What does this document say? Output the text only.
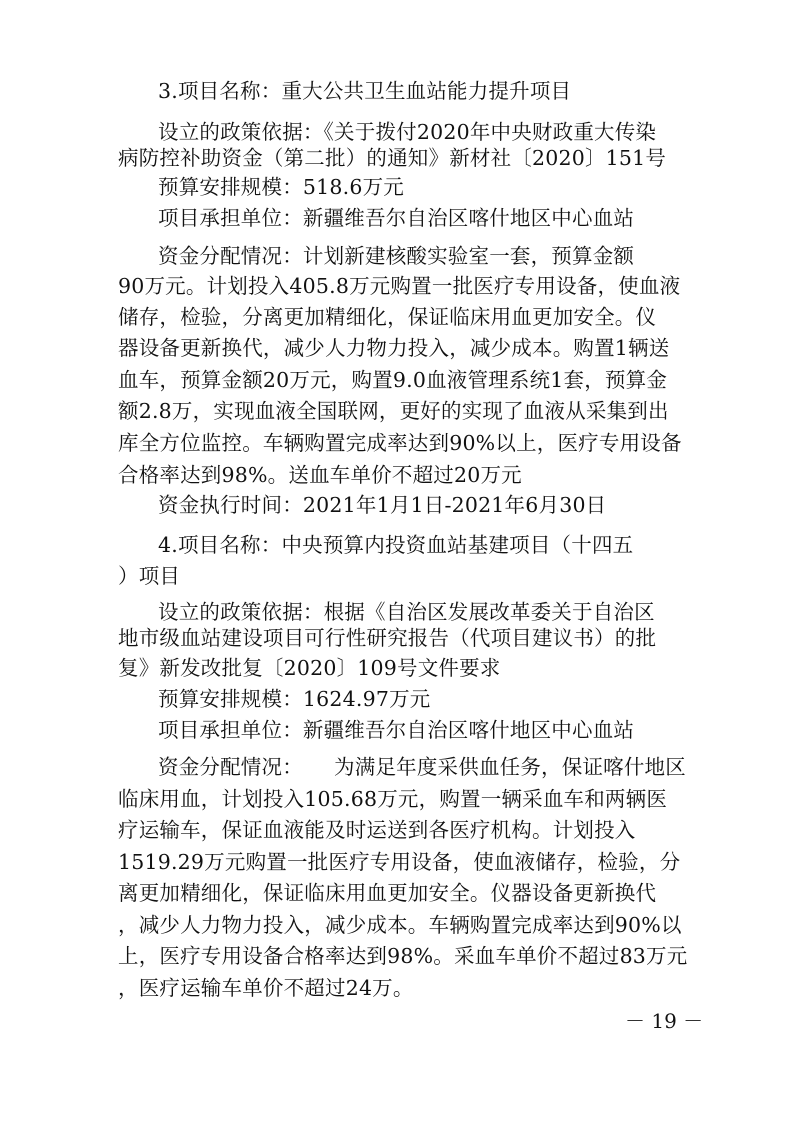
3.项目名称：重大公共卫生血站能力提升项目
设立的政策依据：《关于拨付2020年中央财政重大传染
病防控补助资金（第二批）的通知》新材社〔2020〕151号
预算安排规模：518.6万元
项目承担单位：新疆维吾尔自治区喀什地区中心血站
资金分配情况：计划新建核酸实验室一套，预算金额
90万元。计划投入405.8万元购置一批医疗专用设备，使血液
储存，检验，分离更加精细化，保证临床用血更加安全。仪
器设备更新换代，减少人力物力投入，减少成本。购置1辆送
血车，预算金额20万元，购置9.0血液管理系统1套，预算金
额2.8万，实现血液全国联网，更好的实现了血液从采集到出
库全方位监控。车辆购置完成率达到90%以上，医疗专用设备
合格率达到98%。送血车单价不超过20万元
资金执行时间：2021年1月1日-2021年6月30日
4.项目名称：中央预算内投资血站基建项目（十四五
）项目
设立的政策依据：根据《自治区发展改革委关于自治区
地市级血站建设项目可行性研究报告（代项目建议书）的批
复》新发改批复〔2020〕109号文件要求
预算安排规模：1624.97万元
项目承担单位：新疆维吾尔自治区喀什地区中心血站
资金分配情况：　　为满足年度采供血任务，保证喀什地区
临床用血，计划投入105.68万元，购置一辆采血车和两辆医
疗运输车，保证血液能及时运送到各医疗机构。计划投入
1519.29万元购置一批医疗专用设备，使血液储存，检验，分
离更加精细化，保证临床用血更加安全。仪器设备更新换代
，减少人力物力投入，减少成本。车辆购置完成率达到90%以
上，医疗专用设备合格率达到98%。采血车单价不超过83万元
，医疗运输车单价不超过24万。
－ 19 －
